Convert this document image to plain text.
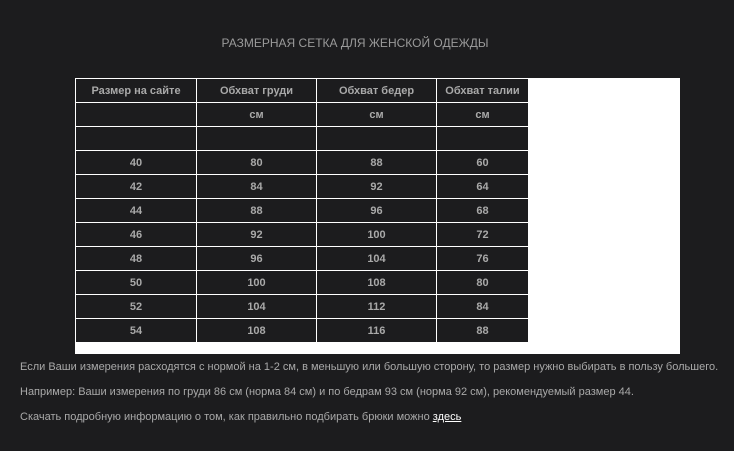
РАЗМЕРНАЯ СЕТКА ДЛЯ ЖЕНСКОЙ ОДЕЖДЫ
Размер на сайте	Обхват груди	Обхват бедер	Обхват талии
	см	см	см

40	80	88	60
42	84	92	64
44	88	96	68
46	92	100	72
48	96	104	76
50	100	108	80
52	104	112	84
54	108	116	88

Если Ваши измерения расходятся с нормой на 1-2 см, в меньшую или большую сторону, то размер нужно выбирать в пользу большего.

Например: Ваши измерения по груди 86 см (норма 84 см) и по бедрам 93 см (норма 92 см), рекомендуемый размер 44.

Скачать подробную информацию о том, как правильно подбирать брюки можно здесь
